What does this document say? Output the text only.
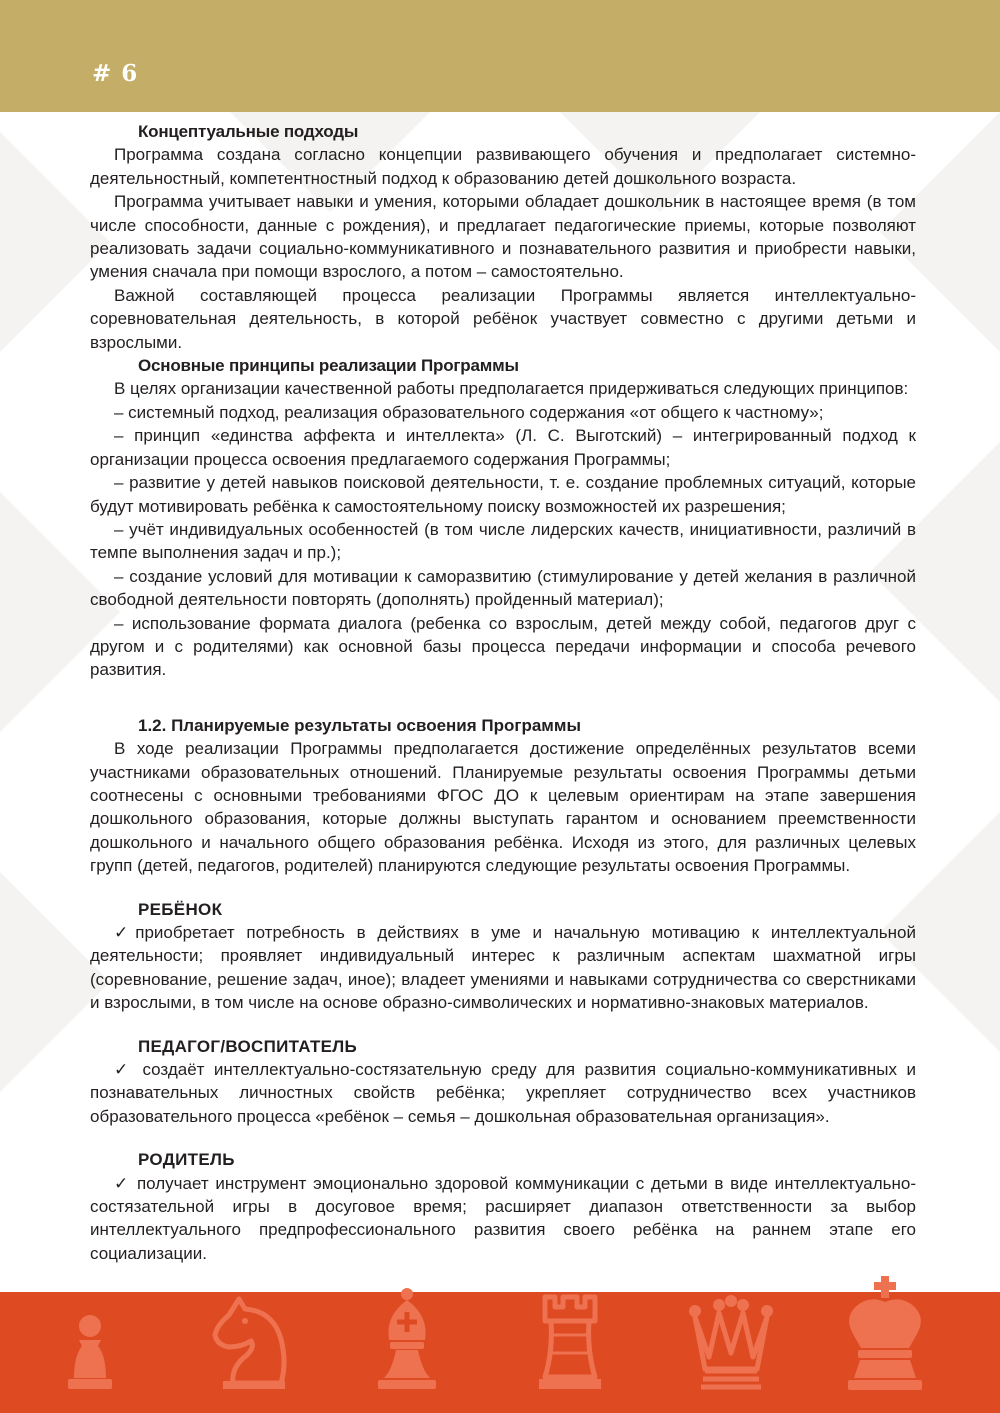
# 6

Концептуальные подходы

Программа создана согласно концепции развивающего обучения и предполагает системно-деятельностный, компетентностный подход к образованию детей дошкольного возраста.

Программа учитывает навыки и умения, которыми обладает дошкольник в настоящее время (в том числе способности, данные с рождения), и предлагает педагогические приемы, которые позволяют реализовать задачи социально-коммуникативного и познавательного развития и приобрести навыки, умения сначала при помощи взрослого, а потом – самостоятельно.

Важной составляющей процесса реализации Программы является интеллектуально-соревновательная деятельность, в которой ребёнок участвует совместно с другими детьми и взрослыми.

Основные принципы реализации Программы

В целях организации качественной работы предполагается придерживаться следующих принципов:

– системный подход, реализация образовательного содержания «от общего к частному»;

– принцип «единства аффекта и интеллекта» (Л. С. Выготский) – интегрированный подход к организации процесса освоения предлагаемого содержания Программы;

– развитие у детей навыков поисковой деятельности, т. е. создание проблемных ситуаций, которые будут мотивировать ребёнка к самостоятельному поиску возможностей их разрешения;

– учёт индивидуальных особенностей (в том числе лидерских качеств, инициативности, различий в темпе выполнения задач и пр.);

– создание условий для мотивации к саморазвитию (стимулирование у детей желания в различной свободной деятельности повторять (дополнять) пройденный материал);

– использование формата диалога (ребенка со взрослым, детей между собой, педагогов друг с другом и с родителями) как основной базы процесса передачи информации и способа речевого развития.

1.2. Планируемые результаты освоения Программы

В ходе реализации Программы предполагается достижение определённых результатов всеми участниками образовательных отношений. Планируемые результаты освоения Программы детьми соотнесены с основными требованиями ФГОС ДО к целевым ориентирам на этапе завершения дошкольного образования, которые должны выступать гарантом и основанием преемственности дошкольного и начального общего образования ребёнка. Исходя из этого, для различных целевых групп (детей, педагогов, родителей) планируются следующие результаты освоения Программы.

РЕБЁНОК

✓приобретает потребность в действиях в уме и начальную мотивацию к интеллектуальной деятельности; проявляет индивидуальный интерес к различным аспектам шахматной игры (соревнование, решение задач, иное); владеет умениями и навыками сотрудничества со сверстниками и взрослыми, в том числе на основе образно-символических и нормативно-знаковых материалов.

ПЕДАГОГ/ВОСПИТАТЕЛЬ

✓ создаёт интеллектуально-состязательную среду для развития социально-коммуникативных и познавательных личностных свойств ребёнка; укрепляет сотрудничество всех участников образовательного процесса «ребёнок – семья – дошкольная образовательная организация».

РОДИТЕЛЬ

✓ получает инструмент эмоционально здоровой коммуникации с детьми в виде интеллектуально-состязательной игры в досуговое время; расширяет диапазон ответственности за выбор интеллектуального предпрофессионального развития своего ребёнка на раннем этапе его социализации.
